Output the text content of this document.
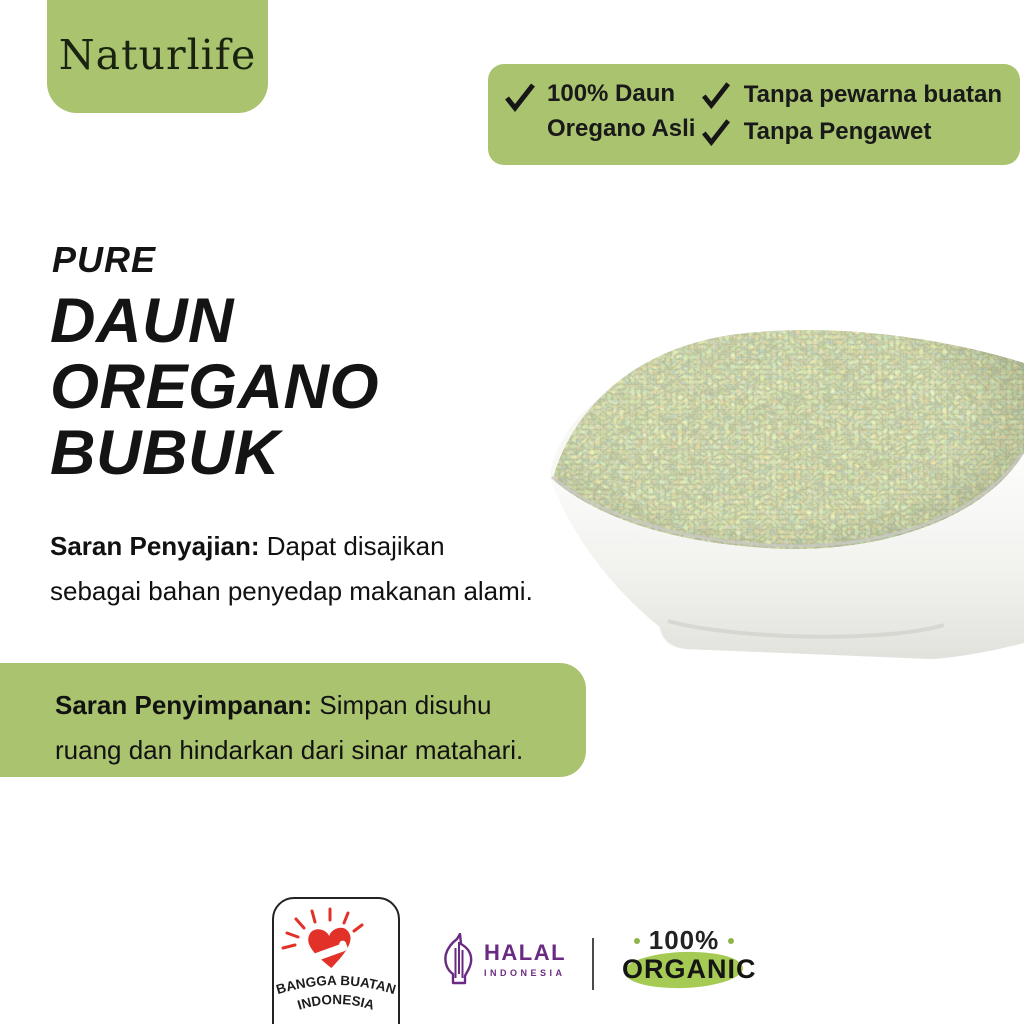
Naturlife
100% Daun
Oregano Asli
Tanpa pewarna buatan
Tanpa Pengawet
PURE
DAUN
OREGANO
BUBUK
Saran Penyajian: Dapat disajikan
sebagai bahan penyedap makanan alami.
Saran Penyimpanan: Simpan disuhu
ruang dan hindarkan dari sinar matahari.
BANGGA BUATAN
INDONESIA
HALAL
INDONESIA
100%
ORGANIC
